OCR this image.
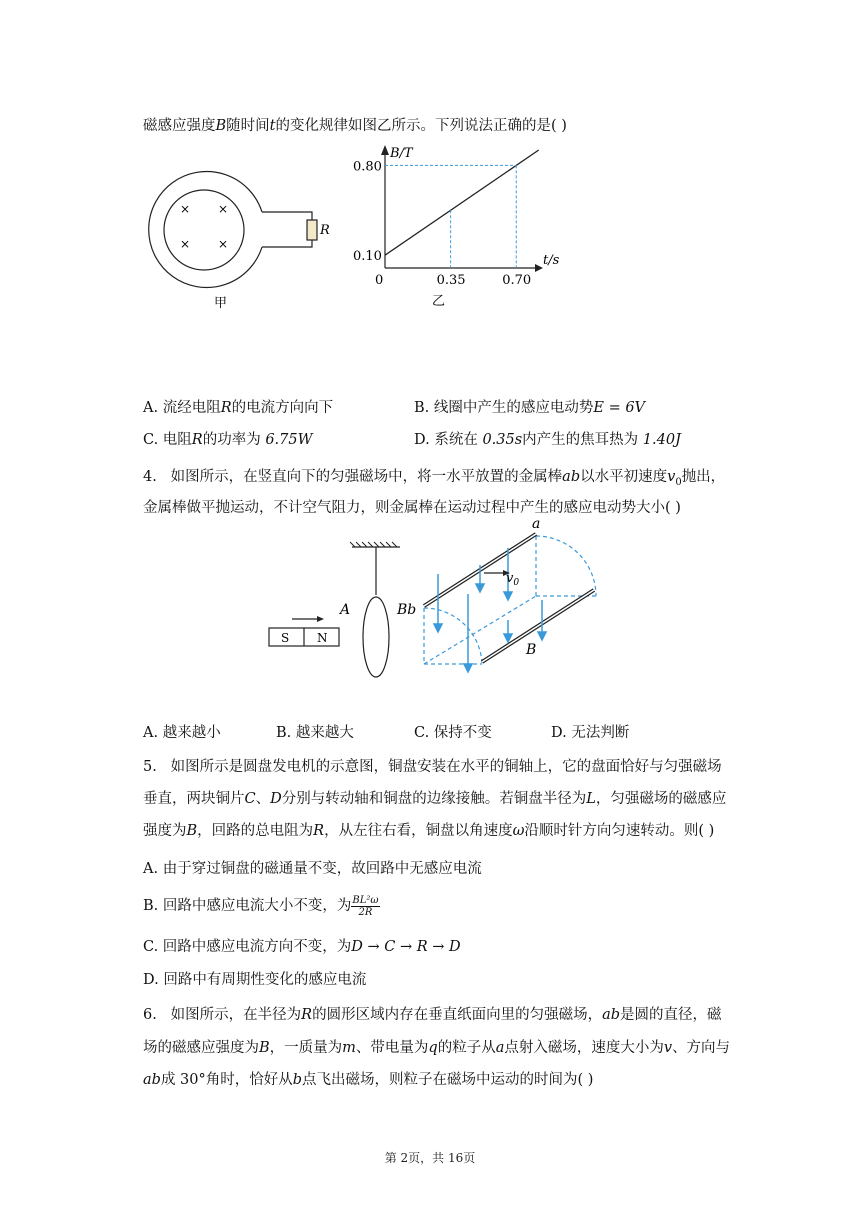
磁感应强度B随时间t的变化规律如图乙所示。下列说法正确的是( )
R
× ×
× ×
甲
B/T
t/s
0
0.80
0.10
0.35	0.70
乙
A. 流经电阻R的电流方向向下	B. 线圈中产生的感应电动势E = 6V
C. 电阻R的功率为 6.75W	D. 系统在 0.35s内产生的焦耳热为 1.40J
4. 如图所示，在竖直向下的匀强磁场中，将一水平放置的金属棒ab以水平初速度$v_0$抛出，
金属棒做平抛运动，不计空气阻力，则金属棒在运动过程中产生的感应电动势大小( )
A
S N
$v_0$
a
Bb
B
A. 越来越小	B. 越来越大	C. 保持不变	D. 无法判断
5. 如图所示是圆盘发电机的示意图，铜盘安装在水平的铜轴上，它的盘面恰好与匀强磁场
垂直，两块铜片C、D分别与转动轴和铜盘的边缘接触。若铜盘半径为L，匀强磁场的磁感应
强度为B，回路的总电阻为R，从左往右看，铜盘以角速度ω沿顺时针方向匀速转动。则( )
A. 由于穿过铜盘的磁通量不变，故回路中无感应电流
B. 回路中感应电流大小不变，为 $\frac{\text{BL²ω}}{2R}$
C. 回路中感应电流方向不变，为D → C → R → D
D. 回路中有周期性变化的感应电流
6. 如图所示，在半径为R的圆形区域内存在垂直纸面向里的匀强磁场，ab是圆的直径，磁
场的磁感应强度为B，一质量为m、带电量为q的粒子从a点射入磁场，速度大小为v、方向与
ab成 30°角时，恰好从b点飞出磁场，则粒子在磁场中运动的时间为( )
第 2页，共 16页
